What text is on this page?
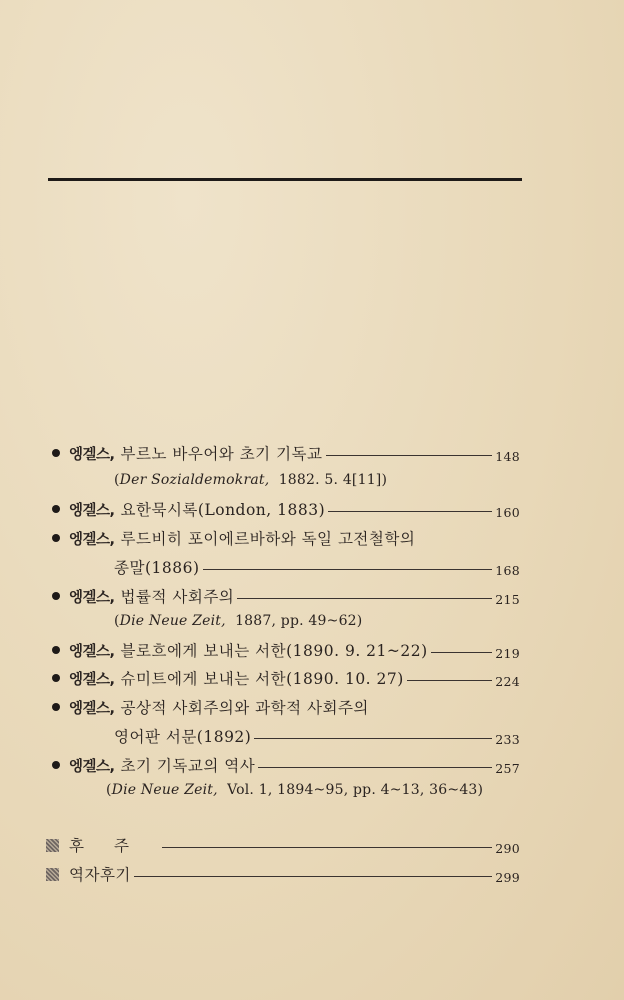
엥겔스, 부르노 바우어와 초기 기독교	148
( Der Sozialdemokrat,
1882. 5. 4[11])
엥겔스, 요한묵시록(London, 1883)	160
엥겔스, 루드비히 포이에르바하와 독일 고전철학의
종말(1886)	168
엥겔스, 법률적 사회주의	215
( Die Neue Zeit,
1887, pp. 49~62)
엥겔스, 블로흐에게 보내는 서한(1890. 9. 21~22)	219
엥겔스, 슈미트에게 보내는 서한(1890. 10. 27)	224
엥겔스, 공상적 사회주의와 과학적 사회주의
영어판 서문(1892)	233
엥겔스, 초기 기독교의 역사	257
( Die Neue Zeit,
Vol. 1, 1894~95, pp. 4~13, 36~43)
후주	290
역자후기	299
